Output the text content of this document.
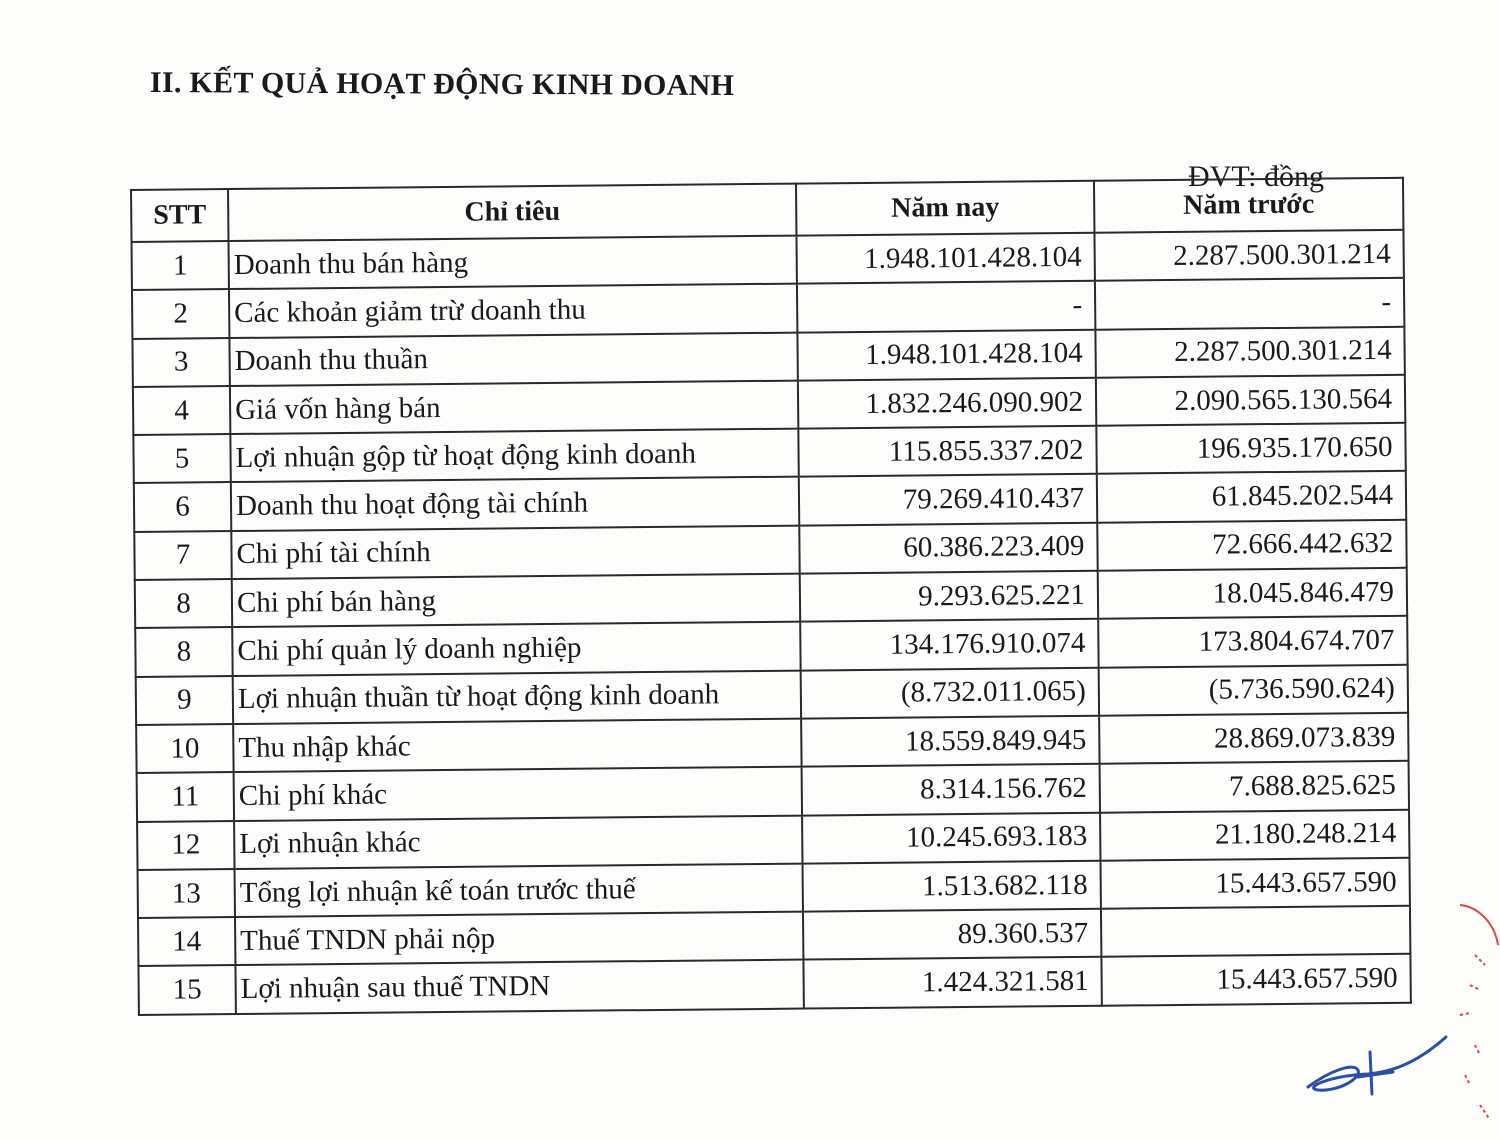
II. KẾT QUẢ HOẠT ĐỘNG KINH DOANH
ĐVT: đồng
STT	Chỉ tiêu	Năm nay	Năm trước
1	Doanh thu bán hàng	1.948.101.428.104	2.287.500.301.214
2	Các khoản giảm trừ doanh thu	-	-
3	Doanh thu thuần	1.948.101.428.104	2.287.500.301.214
4	Giá vốn hàng bán	1.832.246.090.902	2.090.565.130.564
5	Lợi nhuận gộp từ hoạt động kinh doanh	115.855.337.202	196.935.170.650
6	Doanh thu hoạt động tài chính	79.269.410.437	61.845.202.544
7	Chi phí tài chính	60.386.223.409	72.666.442.632
8	Chi phí bán hàng	9.293.625.221	18.045.846.479
8	Chi phí quản lý doanh nghiệp	134.176.910.074	173.804.674.707
9	Lợi nhuận thuần từ hoạt động kinh doanh	(8.732.011.065)	(5.736.590.624)
10	Thu nhập khác	18.559.849.945	28.869.073.839
11	Chi phí khác	8.314.156.762	7.688.825.625
12	Lợi nhuận khác	10.245.693.183	21.180.248.214
13	Tổng lợi nhuận kế toán trước thuế	1.513.682.118	15.443.657.590
14	Thuế TNDN phải nộp	89.360.537	
15	Lợi nhuận sau thuế TNDN	1.424.321.581	15.443.657.590
